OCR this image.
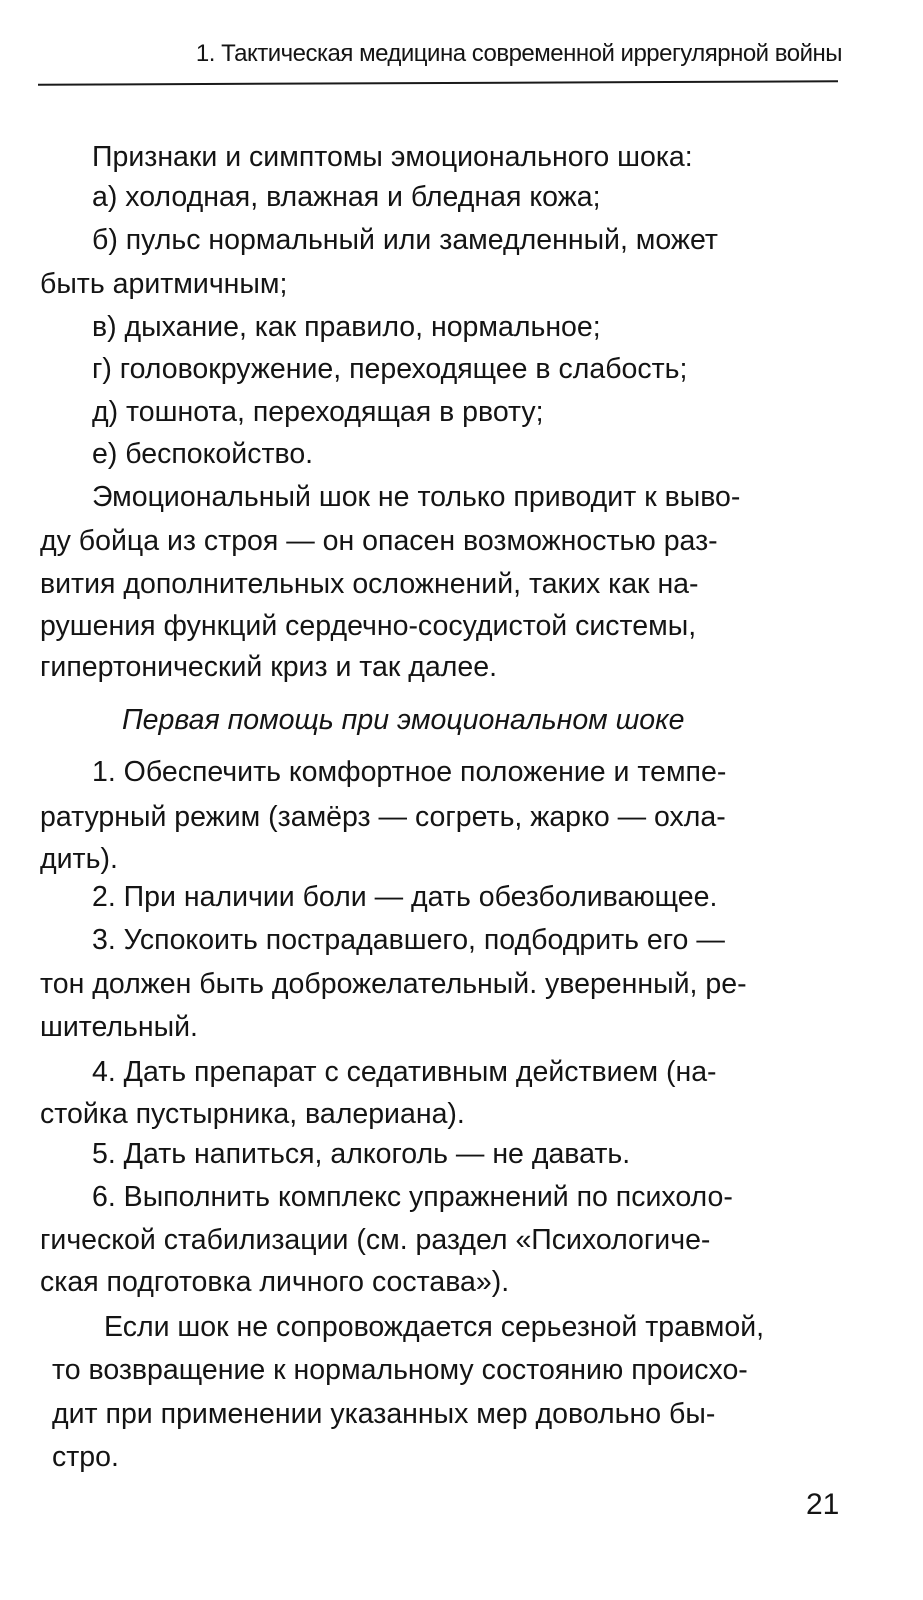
1. Тактическая медицина современной иррегулярной войны
Признаки и симптомы эмоционального шока:
а) холодная, влажная и бледная кожа;
б) пульс нормальный или замедленный, может
быть аритмичным;
в) дыхание, как правило, нормальное;
г) головокружение, переходящее в слабость;
д) тошнота, переходящая в рвоту;
е) беспокойство.
Эмоциональный шок не только приводит к выво-
ду бойца из строя — он опасен возможностью раз-
вития дополнительных осложнений, таких как на-
рушения функций сердечно-сосудистой системы,
гипертонический криз и так далее.
Первая помощь при эмоциональном шоке
1. Обеспечить комфортное положение и темпе-
ратурный режим (замёрз — согреть, жарко — охла-
дить).
2. При наличии боли — дать обезболивающее.
3. Успокоить пострадавшего, подбодрить его —
тон должен быть доброжелательный. уверенный, ре-
шительный.
4. Дать препарат с седативным действием (на-
стойка пустырника, валериана).
5. Дать напиться, алкоголь — не давать.
6. Выполнить комплекс упражнений по психоло-
гической стабилизации (см. раздел «Психологиче-
ская подготовка личного состава»).
Если шок не сопровождается серьезной травмой,
то возвращение к нормальному состоянию происхо-
дит при применении указанных мер довольно бы-
стро.
21
